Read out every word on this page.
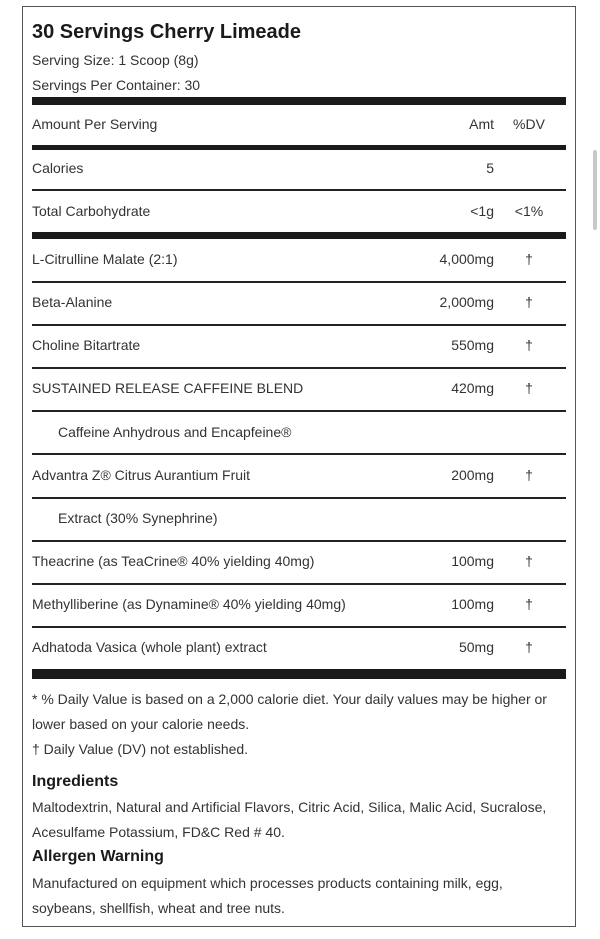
30 Servings Cherry Limeade
Serving Size: 1 Scoop (8g)
Servings Per Container: 30
Amount Per Serving	Amt	%DV
Calories	5
Total Carbohydrate	<1g	<1%
L-Citrulline Malate (2:1)	4,000mg	†
Beta-Alanine	2,000mg	†
Choline Bitartrate	550mg	†
SUSTAINED RELEASE CAFFEINE BLEND	420mg	†
Caffeine Anhydrous and Encapfeine®
Advantra Z® Citrus Aurantium Fruit	200mg	†
Extract (30% Synephrine)
Theacrine (as TeaCrine® 40% yielding 40mg)	100mg	†
Methylliberine (as Dynamine® 40% yielding 40mg)	100mg	†
Adhatoda Vasica (whole plant) extract	50mg	†
* % Daily Value is based on a 2,000 calorie diet. Your daily values may be higher or lower based on your calorie needs.
† Daily Value (DV) not established.
Ingredients
Maltodextrin, Natural and Artificial Flavors, Citric Acid, Silica, Malic Acid, Sucralose, Acesulfame Potassium, FD&C Red # 40.
Allergen Warning
Manufactured on equipment which processes products containing milk, egg, soybeans, shellfish, wheat and tree nuts.
